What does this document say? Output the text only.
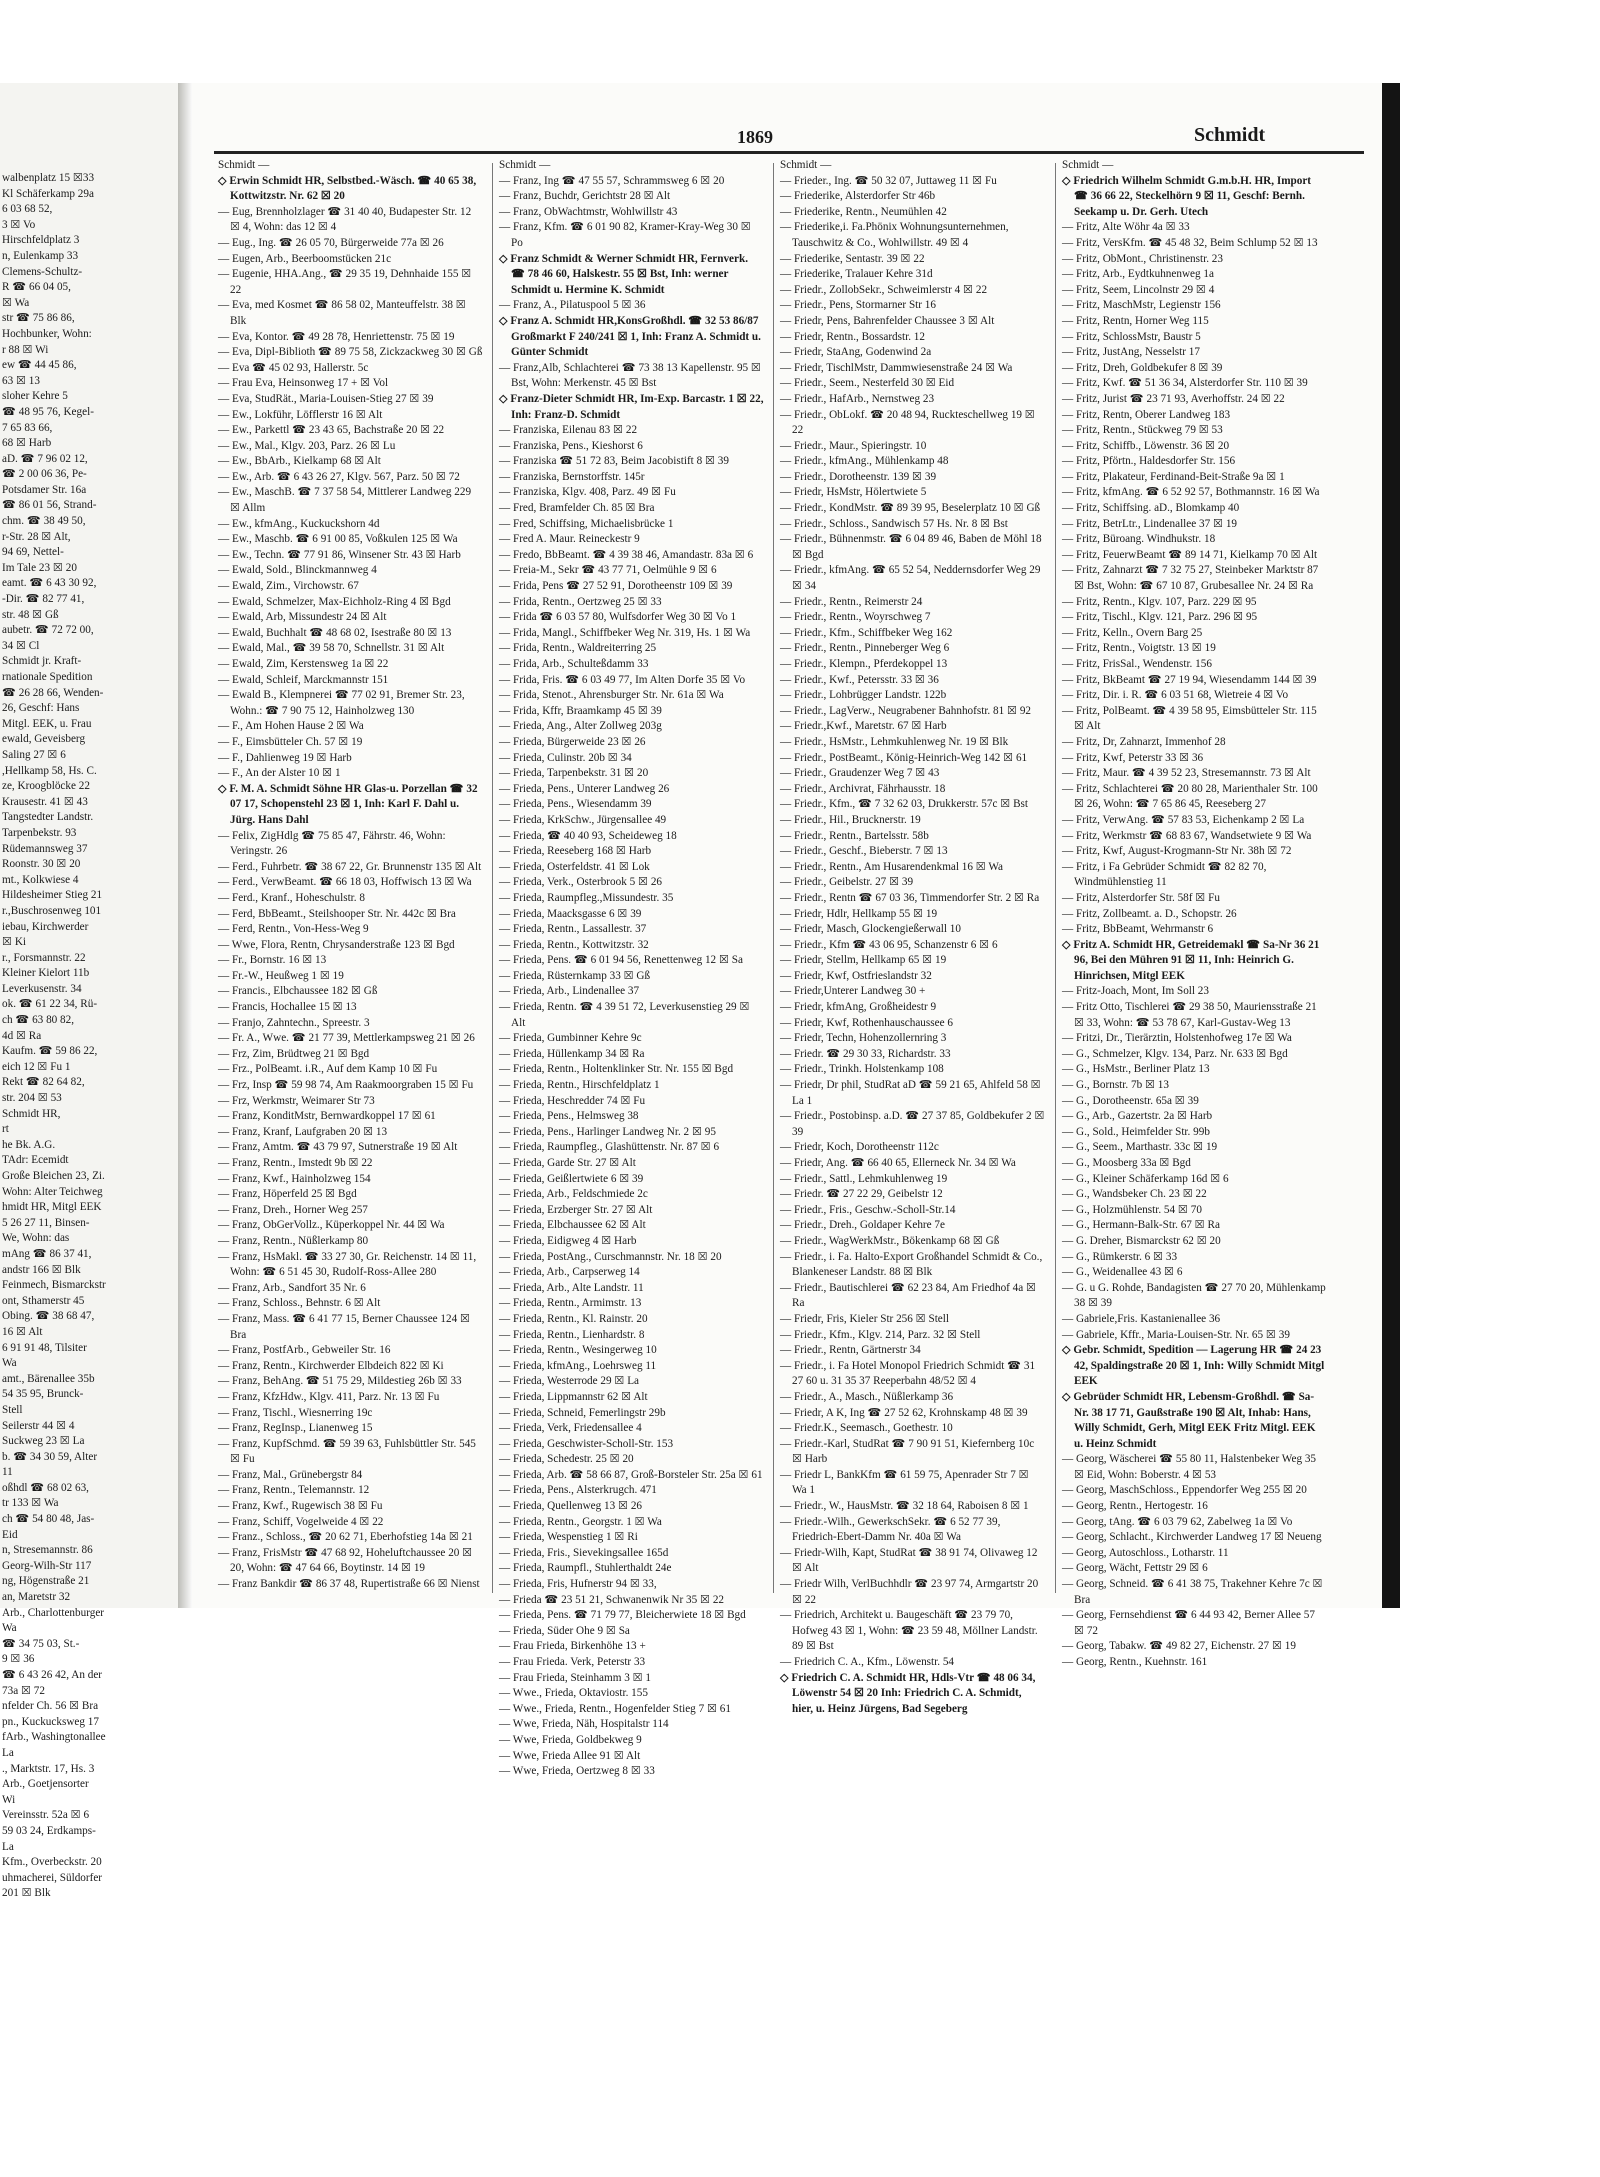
walbenplatz 15 ☒33
Kl Schäferkamp 29a
6 03 68 52,
3 ☒ Vo
Hirschfeldplatz 3
n, Eulenkamp 33
Clemens-Schultz-
R ☎ 66 04 05,
☒ Wa
str ☎ 75 86 86,
Hochbunker, Wohn:
r 88 ☒ Wi
ew ☎ 44 45 86,
63 ☒ 13
sloher Kehre 5
☎ 48 95 76, Kegel-
7 65 83 66,
68 ☒ Harb
aD. ☎ 7 96 02 12,
☎ 2 00 06 36, Pe-
Potsdamer Str. 16a
☎ 86 01 56, Strand-
chm. ☎ 38 49 50,
r-Str. 28 ☒ Alt,
94 69, Nettel-
Im Tale 23 ☒ 20
eamt. ☎ 6 43 30 92,
-Dir. ☎ 82 77 41,
str. 48 ☒ Gß
aubetr. ☎ 72 72 00,
34 ☒ Cl
Schmidt jr. Kraft-
rnationale Spedition
☎ 26 28 66, Wenden-
26, Geschf: Hans
Mitgl. EEK, u. Frau
ewald, Geveisberg
Saling 27 ☒ 6
,Hellkamp 58, Hs. C.
ze, Kroogblöcke 22
Krausestr. 41 ☒ 43
Tangstedter Landstr.
Tarpenbekstr. 93
Rüdemannsweg 37
Roonstr. 30 ☒ 20
mt., Kolkwiese 4
Hildesheimer Stieg 21
r.,Buschrosenweg 101
iebau, Kirchwerder
☒ Ki
r., Forsmannstr. 22
Kleiner Kielort 11b
Leverkusenstr. 34
ok. ☎ 61 22 34, Rü-
ch ☎ 63 80 82,
4d ☒ Ra
Kaufm. ☎ 59 86 22,
eich 12 ☒ Fu 1
Rekt ☎ 82 64 82,
str. 204 ☒ 53
Schmidt HR,
rt
he Bk. A.G.
TAdr: Ecemidt
Große Bleichen 23, Zi.
Wohn: Alter Teichweg
hmidt HR, Mitgl EEK
5 26 27 11, Binsen-
We, Wohn: das
mAng ☎ 86 37 41,
andstr 166 ☒ Blk
Feinmech, Bismarckstr
ont, Sthamerstr 45
Obing. ☎ 38 68 47,
16 ☒ Alt
6 91 91 48, Tilsiter
Wa
amt., Bärenallee 35b
54 35 95, Brunck-
Stell
Seilerstr 44 ☒ 4
Suckweg 23 ☒ La
b. ☎ 34 30 59, Alter
11
oßhdl ☎ 68 02 63,
tr 133 ☒ Wa
ch ☎ 54 80 48, Jas-
Eid
n, Stresemannstr. 86
Georg-Wilh-Str 117
ng, Högenstraße 21
an, Maretstr 32
Arb., Charlottenburger
Wa
☎ 34 75 03, St.-
9 ☒ 36
☎ 6 43 26 42, An der
73a ☒ 72
nfelder Ch. 56 ☒ Bra
pn., Kuckucksweg 17
fArb., Washingtonallee
La
., Marktstr. 17, Hs. 3
Arb., Goetjensorter
Wi
Vereinsstr. 52a ☒ 6
59 03 24, Erdkamps-
La
Kfm., Overbeckstr. 20
uhmacherei, Süldorfer
201 ☒ Blk
1869	Schmidt
Schmidt —
◇ Erwin Schmidt HR, Selbstbed.-Wäsch. ☎ 40 65 38, Kottwitzstr. Nr. 62 ☒ 20
— Eug, Brennholzlager ☎ 31 40 40, Budapester Str. 12 ☒ 4, Wohn: das 12 ☒ 4
— Eug., Ing. ☎ 26 05 70, Bürgerweide 77a ☒ 26
— Eugen, Arb., Beerboomstücken 21c
— Eugenie, HHA.Ang., ☎ 29 35 19, Dehnhaide 155 ☒ 22
— Eva, med Kosmet ☎ 86 58 02, Manteuffelstr. 38 ☒ Blk
— Eva, Kontor. ☎ 49 28 78, Henriettenstr. 75 ☒ 19
— Eva, Dipl-Biblioth ☎ 89 75 58, Zickzackweg 30 ☒ Gß
— Eva ☎ 45 02 93, Hallerstr. 5c
— Frau Eva, Heinsonweg 17 + ☒ Vol
— Eva, StudRät., Maria-Louisen-Stieg 27 ☒ 39
— Ew., Lokführ, Löfflerstr 16 ☒ Alt
— Ew., Parkettl ☎ 23 43 65, Bachstraße 20 ☒ 22
— Ew., Mal., Klgv. 203, Parz. 26 ☒ Lu
— Ew., BbArb., Kielkamp 68 ☒ Alt
— Ew., Arb. ☎ 6 43 26 27, Klgv. 567, Parz. 50 ☒ 72
— Ew., MaschB. ☎ 7 37 58 54, Mittlerer Landweg 229 ☒ Allm
— Ew., kfmAng., Kuckuckshorn 4d
— Ew., Maschb. ☎ 6 91 00 85, Voßkulen 125 ☒ Wa
— Ew., Techn. ☎ 77 91 86, Winsener Str. 43 ☒ Harb
— Ewald, Sold., Blinckmannweg 4
— Ewald, Zim., Virchowstr. 67
— Ewald, Schmelzer, Max-Eichholz-Ring 4 ☒ Bgd
— Ewald, Arb, Missundestr 24 ☒ Alt
— Ewald, Buchhalt ☎ 48 68 02, Isestraße 80 ☒ 13
— Ewald, Mal., ☎ 39 58 70, Schnellstr. 31 ☒ Alt
— Ewald, Zim, Kerstensweg 1a ☒ 22
— Ewald, Schleif, Marckmannstr 151
— Ewald B., Klempnerei ☎ 77 02 91, Bremer Str. 23, Wohn.: ☎ 7 90 75 12, Hainholzweg 130
— F., Am Hohen Hause 2 ☒ Wa
— F., Eimsbütteler Ch. 57 ☒ 19
— F., Dahlienweg 19 ☒ Harb
— F., An der Alster 10 ☒ 1
◇ F. M. A. Schmidt Söhne HR Glas-u. Porzellan ☎ 32 07 17, Schopenstehl 23 ☒ 1, Inh: Karl F. Dahl u. Jürg. Hans Dahl
— Felix, ZigHdlg ☎ 75 85 47, Fährstr. 46, Wohn: Veringstr. 26
— Ferd., Fuhrbetr. ☎ 38 67 22, Gr. Brunnenstr 135 ☒ Alt
— Ferd., VerwBeamt. ☎ 66 18 03, Hoffwisch 13 ☒ Wa
— Ferd., Kranf., Hoheschulstr. 8
— Ferd, BbBeamt., Steilshooper Str. Nr. 442c ☒ Bra
— Ferd, Rentn., Von-Hess-Weg 9
— Wwe, Flora, Rentn, Chrysanderstraße 123 ☒ Bgd
— Fr., Bornstr. 16 ☒ 13
— Fr.-W., Heußweg 1 ☒ 19
— Francis., Elbchaussee 182 ☒ Gß
— Francis, Hochallee 15 ☒ 13
— Franjo, Zahntechn., Spreestr. 3
— Fr. A., Wwe. ☎ 21 77 39, Mettlerkampsweg 21 ☒ 26
— Frz, Zim, Brüdtweg 21 ☒ Bgd
— Frz., PolBeamt. i.R., Auf dem Kamp 10 ☒ Fu
— Frz, Insp ☎ 59 98 74, Am Raakmoorgraben 15 ☒ Fu
— Frz, Werkmstr, Weimarer Str 73
— Franz, KonditMstr, Bernwardkoppel 17 ☒ 61
— Franz, Kranf, Laufgraben 20 ☒ 13
— Franz, Amtm. ☎ 43 79 97, Sutnerstraße 19 ☒ Alt
— Franz, Rentn., Imstedt 9b ☒ 22
— Franz, Kwf., Hainholzweg 154
— Franz, Höperfeld 25 ☒ Bgd
— Franz, Dreh., Horner Weg 257
— Franz, ObGerVollz., Küperkoppel Nr. 44 ☒ Wa
— Franz, Rentn., Nüßlerkamp 80
— Franz, HsMakl. ☎ 33 27 30, Gr. Reichenstr. 14 ☒ 11, Wohn: ☎ 6 51 45 30, Rudolf-Ross-Allee 280
— Franz, Arb., Sandfort 35 Nr. 6
— Franz, Schloss., Behnstr. 6 ☒ Alt
— Franz, Mass. ☎ 6 41 77 15, Berner Chaussee 124 ☒ Bra
— Franz, PostfArb., Gebweiler Str. 16
— Franz, Rentn., Kirchwerder Elbdeich 822 ☒ Ki
— Franz, BehAng. ☎ 51 75 29, Mildestieg 26b ☒ 33
— Franz, KfzHdw., Klgv. 411, Parz. Nr. 13 ☒ Fu
— Franz, Tischl., Wiesnerring 19c
— Franz, RegInsp., Lianenweg 15
— Franz, KupfSchmd. ☎ 59 39 63, Fuhlsbüttler Str. 545 ☒ Fu
— Franz, Mal., Grünebergstr 84
— Franz, Rentn., Telemannstr. 12
— Franz, Kwf., Rugewisch 38 ☒ Fu
— Franz, Schiff, Vogelweide 4 ☒ 22
— Franz., Schloss., ☎ 20 62 71, Eberhofstieg 14a ☒ 21
— Franz, FrisMstr ☎ 47 68 92, Hoheluftchaussee 20 ☒ 20, Wohn: ☎ 47 64 66, Boytinstr. 14 ☒ 19
— Franz Bankdir ☎ 86 37 48, Rupertistraße 66 ☒ Nienst
Schmidt —
— Franz, Ing ☎ 47 55 57, Schrammsweg 6 ☒ 20
— Franz, Buchdr, Gerichtstr 28 ☒ Alt
— Franz, ObWachtmstr, Wohlwillstr 43
— Franz, Kfm. ☎ 6 01 90 82, Kramer-Kray-Weg 30 ☒ Po
◇ Franz Schmidt & Werner Schmidt HR, Fernverk. ☎ 78 46 60, Halskestr. 55 ☒ Bst, Inh: werner Schmidt u. Hermine K. Schmidt
— Franz, A., Pilatuspool 5 ☒ 36
◇ Franz A. Schmidt HR,KonsGroßhdl. ☎ 32 53 86/87 Großmarkt F 240/241 ☒ 1, Inh: Franz A. Schmidt u. Günter Schmidt
— Franz,Alb, Schlachterei ☎ 73 38 13 Kapellenstr. 95 ☒ Bst, Wohn: Merkenstr. 45 ☒ Bst
◇ Franz-Dieter Schmidt HR, Im-Exp. Barcastr. 1 ☒ 22, Inh: Franz-D. Schmidt
— Franziska, Eilenau 83 ☒ 22
— Franziska, Pens., Kieshorst 6
— Franziska ☎ 51 72 83, Beim Jacobistift 8 ☒ 39
— Franziska, Bernstorffstr. 145r
— Franziska, Klgv. 408, Parz. 49 ☒ Fu
— Fred, Bramfelder Ch. 85 ☒ Bra
— Fred, Schiffsing, Michaelisbrücke 1
— Fred A. Maur. Reineckestr 9
— Fredo, BbBeamt. ☎ 4 39 38 46, Amandastr. 83a ☒ 6
— Freia-M., Sekr ☎ 43 77 71, Oelmühle 9 ☒ 6
— Frida, Pens ☎ 27 52 91, Dorotheenstr 109 ☒ 39
— Frida, Rentn., Oertzweg 25 ☒ 33
— Frida ☎ 6 03 57 80, Wulfsdorfer Weg 30 ☒ Vo 1
— Frida, Mangl., Schiffbeker Weg Nr. 319, Hs. 1 ☒ Wa
— Frida, Rentn., Waldreiterring 25
— Frida, Arb., Schulteßdamm 33
— Frida, Fris. ☎ 6 03 49 77, Im Alten Dorfe 35 ☒ Vo
— Frida, Stenot., Ahrensburger Str. Nr. 61a ☒ Wa
— Frida, Kffr, Braamkamp 45 ☒ 39
— Frieda, Ang., Alter Zollweg 203g
— Frieda, Bürgerweide 23 ☒ 26
— Frieda, Culinstr. 20b ☒ 34
— Frieda, Tarpenbekstr. 31 ☒ 20
— Frieda, Pens., Unterer Landweg 26
— Frieda, Pens., Wiesendamm 39
— Frieda, KrkSchw., Jürgensallee 49
— Frieda, ☎ 40 40 93, Scheideweg 18
— Frieda, Reeseberg 168 ☒ Harb
— Frieda, Osterfeldstr. 41 ☒ Lok
— Frieda, Verk., Osterbrook 5 ☒ 26
— Frieda, Raumpfleg.,Missundestr. 35
— Frieda, Maacksgasse 6 ☒ 39
— Frieda, Rentn., Lassallestr. 37
— Frieda, Rentn., Kottwitzstr. 32
— Frieda, Pens. ☎ 6 01 94 56, Renettenweg 12 ☒ Sa
— Frieda, Rüsternkamp 33 ☒ Gß
— Frieda, Arb., Lindenallee 37
— Frieda, Rentn. ☎ 4 39 51 72, Leverkusenstieg 29 ☒ Alt
— Frieda, Gumbinner Kehre 9c
— Frieda, Hüllenkamp 34 ☒ Ra
— Frieda, Rentn., Holtenklinker Str. Nr. 155 ☒ Bgd
— Frieda, Rentn., Hirschfeldplatz 1
— Frieda, Heschredder 74 ☒ Fu
— Frieda, Pens., Helmsweg 38
— Frieda, Pens., Harlinger Landweg Nr. 2 ☒ 95
— Frieda, Raumpfleg., Glashüttenstr. Nr. 87 ☒ 6
— Frieda, Garde Str. 27 ☒ Alt
— Frieda, Geißlertwiete 6 ☒ 39
— Frieda, Arb., Feldschmiede 2c
— Frieda, Erzberger Str. 27 ☒ Alt
— Frieda, Elbchaussee 62 ☒ Alt
— Frieda, Eidigweg 4 ☒ Harb
— Frieda, PostAng., Curschmannstr. Nr. 18 ☒ 20
— Frieda, Arb., Carpserweg 14
— Frieda, Arb., Alte Landstr. 11
— Frieda, Rentn., Armimstr. 13
— Frieda, Rentn., Kl. Rainstr. 20
— Frieda, Rentn., Lienhardstr. 8
— Frieda, Rentn., Wesingerweg 10
— Frieda, kfmAng., Loehrsweg 11
— Frieda, Westerrode 29 ☒ La
— Frieda, Lippmannstr 62 ☒ Alt
— Frieda, Schneid, Femerlingstr 29b
— Frieda, Verk, Friedensallee 4
— Frieda, Geschwister-Scholl-Str. 153
— Frieda, Schedestr. 25 ☒ 20
— Frieda, Arb. ☎ 58 66 87, Groß-Borsteler Str. 25a ☒ 61
— Frieda, Pens., Alsterkrugch. 471
— Frieda, Quellenweg 13 ☒ 26
— Frieda, Rentn., Georgstr. 1 ☒ Wa
— Frieda, Wespenstieg 1 ☒ Ri
— Frieda, Fris., Sievekingsallee 165d
— Frieda, Raumpfl., Stuhlerthaldt 24e
— Frieda, Fris, Hufnerstr 94 ☒ 33,
— Frieda ☎ 23 51 21, Schwanenwik Nr 35 ☒ 22
— Frieda, Pens. ☎ 71 79 77, Bleicherwiete 18 ☒ Bgd
— Frieda, Süder Ohe 9 ☒ Sa
— Frau Frieda, Birkenhöhe 13 +
— Frau Frieda. Verk, Peterstr 33
— Frau Frieda, Steinhamm 3 ☒ 1
— Wwe., Frieda, Oktaviostr. 155
— Wwe., Frieda, Rentn., Hogenfelder Stieg 7 ☒ 61
— Wwe, Frieda, Näh, Hospitalstr 114
— Wwe, Frieda, Goldbekweg 9
— Wwe, Frieda Allee 91 ☒ Alt
— Wwe, Frieda, Oertzweg 8 ☒ 33
Schmidt —
— Frieder., Ing. ☎ 50 32 07, Juttaweg 11 ☒ Fu
— Friederike, Alsterdorfer Str 46b
— Friederike, Rentn., Neumühlen 42
— Friederike,i. Fa.Phönix Wohnungsunternehmen, Tauschwitz & Co., Wohlwillstr. 49 ☒ 4
— Friederike, Sentastr. 39 ☒ 22
— Friederike, Tralauer Kehre 31d
— Friedr., ZollobSekr., Schweimlerstr 4 ☒ 22
— Friedr., Pens, Stormarner Str 16
— Friedr, Pens, Bahrenfelder Chaussee 3 ☒ Alt
— Friedr, Rentn., Bossardstr. 12
— Friedr, StaAng, Godenwind 2a
— Friedr, TischlMstr, Dammwiesenstraße 24 ☒ Wa
— Friedr., Seem., Nesterfeld 30 ☒ Eid
— Friedr., HafArb., Nernstweg 23
— Friedr., ObLokf. ☎ 20 48 94, Ruckteschellweg 19 ☒ 22
— Friedr., Maur., Spieringstr. 10
— Friedr., kfmAng., Mühlenkamp 48
— Friedr., Dorotheenstr. 139 ☒ 39
— Friedr, HsMstr, Hölertwiete 5
— Friedr., KondMstr. ☎ 89 39 95, Beselerplatz 10 ☒ Gß
— Friedr., Schloss., Sandwisch 57 Hs. Nr. 8 ☒ Bst
— Friedr., Bühnenmstr. ☎ 6 04 89 46, Baben de Möhl 18 ☒ Bgd
— Friedr., kfmAng. ☎ 65 52 54, Neddernsdorfer Weg 29 ☒ 34
— Friedr., Rentn., Reimerstr 24
— Friedr., Rentn., Woyrschweg 7
— Friedr., Kfm., Schiffbeker Weg 162
— Friedr., Rentn., Pinneberger Weg 6
— Friedr., Klempn., Pferdekoppel 13
— Friedr., Kwf., Petersstr. 33 ☒ 36
— Friedr., Lohbrügger Landstr. 122b
— Friedr., LagVerw., Neugrabener Bahnhofstr. 81 ☒ 92
— Friedr.,Kwf., Maretstr. 67 ☒ Harb
— Friedr., HsMstr., Lehmkuhlenweg Nr. 19 ☒ Blk
— Friedr., PostBeamt., König-Heinrich-Weg 142 ☒ 61
— Friedr., Graudenzer Weg 7 ☒ 43
— Friedr., Archivrat, Fährhausstr. 18
— Friedr., Kfm., ☎ 7 32 62 03, Drukkerstr. 57c ☒ Bst
— Friedr., Hil., Brucknerstr. 19
— Friedr., Rentn., Bartelsstr. 58b
— Friedr., Geschf., Bieberstr. 7 ☒ 13
— Friedr., Rentn., Am Husarendenkmal 16 ☒ Wa
— Friedr., Geibelstr. 27 ☒ 39
— Friedr., Rentn ☎ 67 03 36, Timmendorfer Str. 2 ☒ Ra
— Friedr, Hdlr, Hellkamp 55 ☒ 19
— Friedr, Masch, Glockengießerwall 10
— Friedr., Kfm ☎ 43 06 95, Schanzenstr 6 ☒ 6
— Friedr, Stellm, Hellkamp 65 ☒ 19
— Friedr, Kwf, Ostfrieslandstr 32
— Friedr,Unterer Landweg 30 +
— Friedr, kfmAng, Großheidestr 9
— Friedr, Kwf, Rothenhauschaussee 6
— Friedr, Techn, Hohenzollernring 3
— Friedr. ☎ 29 30 33, Richardstr. 33
— Friedr., Trinkh. Holstenkamp 108
— Friedr, Dr phil, StudRat aD ☎ 59 21 65, Ahlfeld 58 ☒ La 1
— Friedr., Postobinsp. a.D. ☎ 27 37 85, Goldbekufer 2 ☒ 39
— Friedr, Koch, Dorotheenstr 112c
— Friedr, Ang. ☎ 66 40 65, Ellerneck Nr. 34 ☒ Wa
— Friedr., Sattl., Lehmkuhlenweg 19
— Friedr. ☎ 27 22 29, Geibelstr 12
— Friedr., Fris., Geschw.-Scholl-Str.14
— Friedr., Dreh., Goldaper Kehre 7e
— Friedr., WagWerkMstr., Bökenkamp 68 ☒ Gß
— Friedr., i. Fa. Halto-Export Großhandel Schmidt & Co., Blankeneser Landstr. 88 ☒ Blk
— Friedr., Bautischlerei ☎ 62 23 84, Am Friedhof 4a ☒ Ra
— Friedr, Fris, Kieler Str 256 ☒ Stell
— Friedr., Kfm., Klgv. 214, Parz. 32 ☒ Stell
— Friedr., Rentn, Gärtnerstr 34
— Friedr., i. Fa Hotel Monopol Friedrich Schmidt ☎ 31 27 60 u. 31 35 37 Reeperbahn 48/52 ☒ 4
— Friedr., A., Masch., Nüßlerkamp 36
— Friedr, A K, Ing ☎ 27 52 62, Krohnskamp 48 ☒ 39
— Friedr.K., Seemasch., Goethestr. 10
— Friedr.-Karl, StudRat ☎ 7 90 91 51, Kiefernberg 10c ☒ Harb
— Friedr L, BankKfm ☎ 61 59 75, Apenrader Str 7 ☒ Wa 1
— Friedr., W., HausMstr. ☎ 32 18 64, Raboisen 8 ☒ 1
— Friedr.-Wilh., GewerkschSekr. ☎ 6 52 77 39, Friedrich-Ebert-Damm Nr. 40a ☒ Wa
— Friedr-Wilh, Kapt, StudRat ☎ 38 91 74, Olivaweg 12 ☒ Alt
— Friedr Wilh, VerlBuchhdlr ☎ 23 97 74, Armgartstr 20 ☒ 22
— Friedrich, Architekt u. Baugeschäft ☎ 23 79 70, Hofweg 43 ☒ 1, Wohn: ☎ 23 59 48, Möllner Landstr. 89 ☒ Bst
— Friedrich C. A., Kfm., Löwenstr. 54
◇ Friedrich C. A. Schmidt HR, Hdls-Vtr ☎ 48 06 34, Löwenstr 54 ☒ 20 Inh: Friedrich C. A. Schmidt, hier, u. Heinz Jürgens, Bad Segeberg
Schmidt —
◇ Friedrich Wilhelm Schmidt G.m.b.H. HR, Import ☎ 36 66 22, Steckelhörn 9 ☒ 11, Geschf: Bernh. Seekamp u. Dr. Gerh. Utech
— Fritz, Alte Wöhr 4a ☒ 33
— Fritz, VersKfm. ☎ 45 48 32, Beim Schlump 52 ☒ 13
— Fritz, ObMont., Christinenstr. 23
— Fritz, Arb., Eydtkuhnenweg 1a
— Fritz, Seem, Lincolnstr 29 ☒ 4
— Fritz, MaschMstr, Legienstr 156
— Fritz, Rentn, Horner Weg 115
— Fritz, SchlossMstr, Baustr 5
— Fritz, JustAng, Nesselstr 17
— Fritz, Dreh, Goldbekufer 8 ☒ 39
— Fritz, Kwf. ☎ 51 36 34, Alsterdorfer Str. 110 ☒ 39
— Fritz, Jurist ☎ 23 71 93, Averhoffstr. 24 ☒ 22
— Fritz, Rentn, Oberer Landweg 183
— Fritz, Rentn., Stückweg 79 ☒ 53
— Fritz, Schiffb., Löwenstr. 36 ☒ 20
— Fritz, Pförtn., Haldesdorfer Str. 156
— Fritz, Plakateur, Ferdinand-Beit-Straße 9a ☒ 1
— Fritz, kfmAng. ☎ 6 52 92 57, Bothmannstr. 16 ☒ Wa
— Fritz, Schiffsing. aD., Blomkamp 40
— Fritz, BetrLtr., Lindenallee 37 ☒ 19
— Fritz, Büroang. Windhukstr. 18
— Fritz, FeuerwBeamt ☎ 89 14 71, Kielkamp 70 ☒ Alt
— Fritz, Zahnarzt ☎ 7 32 75 27, Steinbeker Marktstr 87 ☒ Bst, Wohn: ☎ 67 10 87, Grubesallee Nr. 24 ☒ Ra
— Fritz, Rentn., Klgv. 107, Parz. 229 ☒ 95
— Fritz, Tischl., Klgv. 121, Parz. 296 ☒ 95
— Fritz, Kelln., Overn Barg 25
— Fritz, Rentn., Voigtstr. 13 ☒ 19
— Fritz, FrisSal., Wendenstr. 156
— Fritz, BkBeamt ☎ 27 19 94, Wiesendamm 144 ☒ 39
— Fritz, Dir. i. R. ☎ 6 03 51 68, Wietreie 4 ☒ Vo
— Fritz, PolBeamt. ☎ 4 39 58 95, Eimsbütteler Str. 115 ☒ Alt
— Fritz, Dr, Zahnarzt, Immenhof 28
— Fritz, Kwf, Peterstr 33 ☒ 36
— Fritz, Maur. ☎ 4 39 52 23, Stresemannstr. 73 ☒ Alt
— Fritz, Schlachterei ☎ 20 80 28, Marienthaler Str. 100 ☒ 26, Wohn: ☎ 7 65 86 45, Reeseberg 27
— Fritz, VerwAng. ☎ 57 83 53, Eichenkamp 2 ☒ La
— Fritz, Werkmstr ☎ 68 83 67, Wandsetwiete 9 ☒ Wa
— Fritz, Kwf, August-Krogmann-Str Nr. 38h ☒ 72
— Fritz, i Fa Gebrüder Schmidt ☎ 82 82 70, Windmühlenstieg 11
— Fritz, Alsterdorfer Str. 58f ☒ Fu
— Fritz, Zollbeamt. a. D., Schopstr. 26
— Fritz, BbBeamt, Wehrmanstr 6
◇ Fritz A. Schmidt HR, Getreidemakl ☎ Sa-Nr 36 21 96, Bei den Mühren 91 ☒ 11, Inh: Heinrich G. Hinrichsen, Mitgl EEK
— Fritz-Joach, Mont, Im Soll 23
— Fritz Otto, Tischlerei ☎ 29 38 50, Mauriensstraße 21 ☒ 33, Wohn: ☎ 53 78 67, Karl-Gustav-Weg 13
— Fritzi, Dr., Tierärztin, Holstenhofweg 17e ☒ Wa
— G., Schmelzer, Klgv. 134, Parz. Nr. 633 ☒ Bgd
— G., HsMstr., Berliner Platz 13
— G., Bornstr. 7b ☒ 13
— G., Dorotheenstr. 65a ☒ 39
— G., Arb., Gazertstr. 2a ☒ Harb
— G., Sold., Heimfelder Str. 99b
— G., Seem., Marthastr. 33c ☒ 19
— G., Moosberg 33a ☒ Bgd
— G., Kleiner Schäferkamp 16d ☒ 6
— G., Wandsbeker Ch. 23 ☒ 22
— G., Holzmühlenstr. 54 ☒ 70
— G., Hermann-Balk-Str. 67 ☒ Ra
— G. Dreher, Bismarckstr 62 ☒ 20
— G., Rümkerstr. 6 ☒ 33
— G., Weidenallee 43 ☒ 6
— G. u G. Rohde, Bandagisten ☎ 27 70 20, Mühlenkamp 38 ☒ 39
— Gabriele,Fris. Kastanienallee 36
— Gabriele, Kffr., Maria-Louisen-Str. Nr. 65 ☒ 39
◇ Gebr. Schmidt, Spedition — Lagerung HR ☎ 24 23 42, Spaldingstraße 20 ☒ 1, Inh: Willy Schmidt Mitgl EEK
◇ Gebrüder Schmidt HR, Lebensm-Großhdl. ☎ Sa-Nr. 38 17 71, Gaußstraße 190 ☒ Alt, Inhab: Hans, Willy Schmidt, Gerh, Mitgl EEK Fritz Mitgl. EEK u. Heinz Schmidt
— Georg, Wäscherei ☎ 55 80 11, Halstenbeker Weg 35 ☒ Eid, Wohn: Boberstr. 4 ☒ 53
— Georg, MaschSchloss., Eppendorfer Weg 255 ☒ 20
— Georg, Rentn., Hertogestr. 16
— Georg, tAng. ☎ 6 03 79 62, Zabelweg 1a ☒ Vo
— Georg, Schlacht., Kirchwerder Landweg 17 ☒ Neueng
— Georg, Autoschloss., Lotharstr. 11
— Georg, Wächt, Fettstr 29 ☒ 6
— Georg, Schneid. ☎ 6 41 38 75, Trakehner Kehre 7c ☒ Bra
— Georg, Fernsehdienst ☎ 6 44 93 42, Berner Allee 57 ☒ 72
— Georg, Tabakw. ☎ 49 82 27, Eichenstr. 27 ☒ 19
— Georg, Rentn., Kuehnstr. 161
